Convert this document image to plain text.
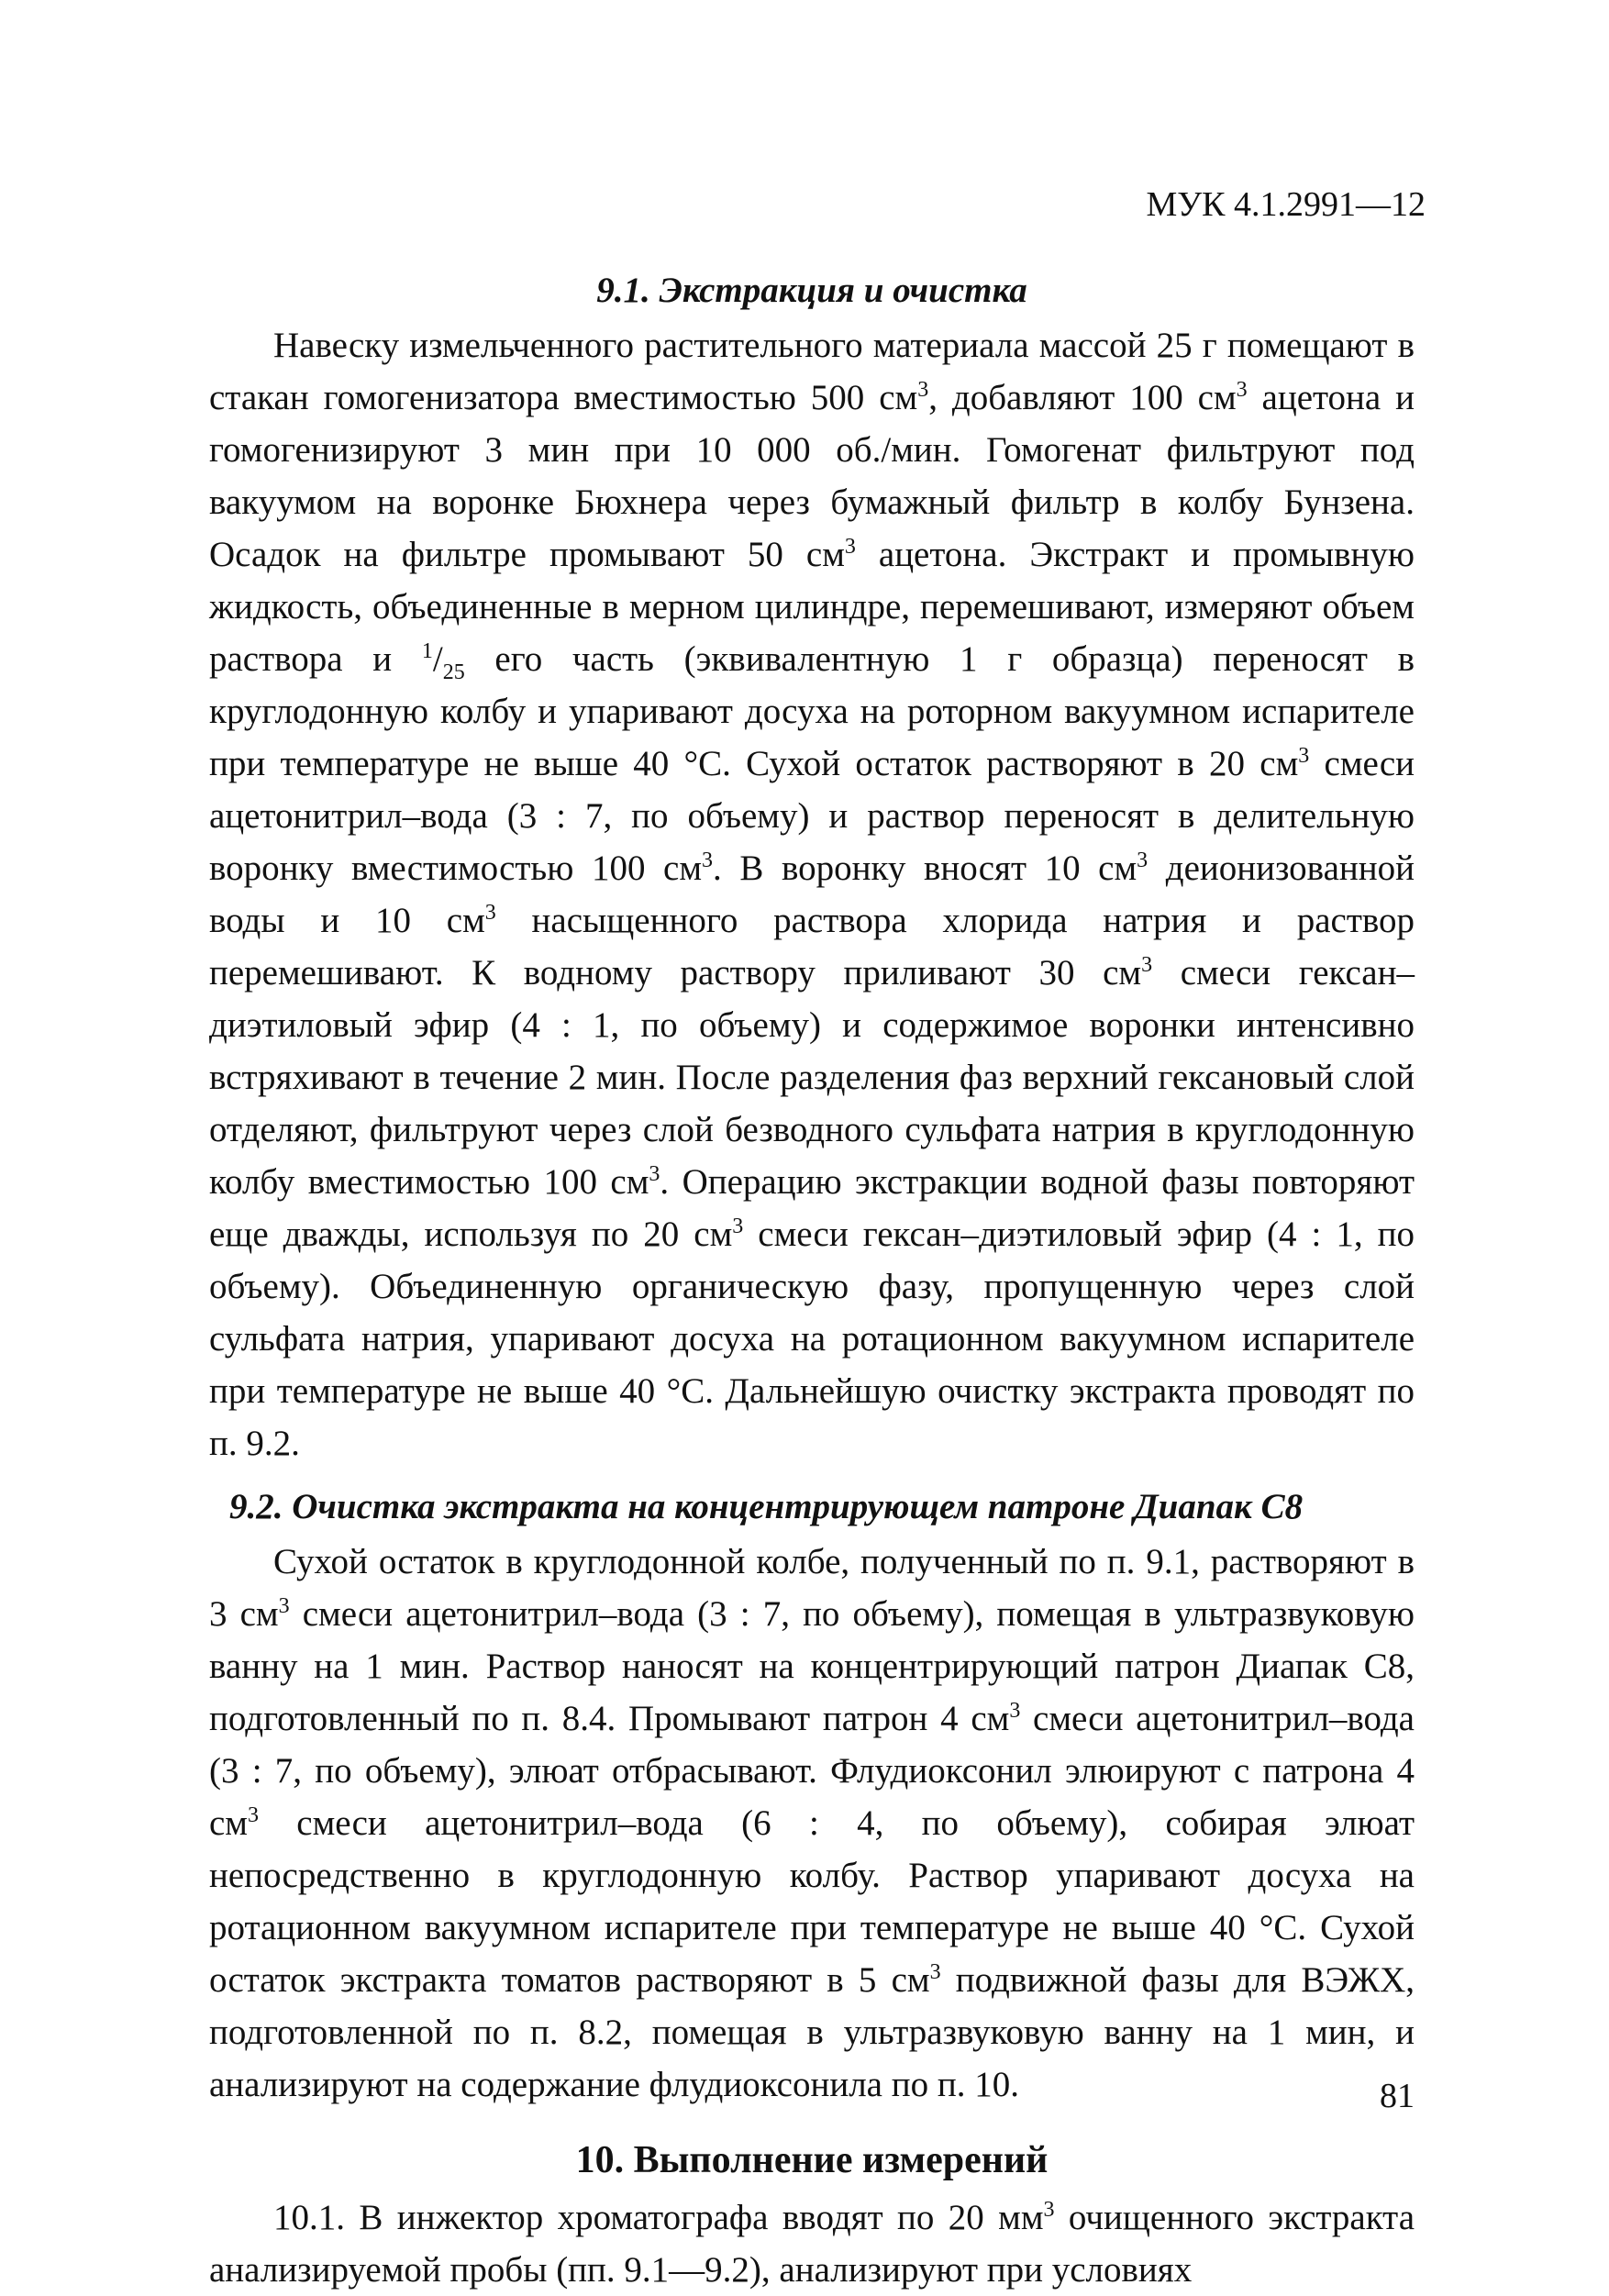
МУК 4.1.2991—12
9.1. Экстракция и очистка

Навеску измельченного растительного материала массой 25 г помещают в стакан гомогенизатора вместимостью 500 $см^3$, добавляют 100 $см^3$ ацетона и гомогенизируют 3 мин при 10 000 об./мин. Гомогенат фильтруют под вакуумом на воронке Бюхнера через бумажный фильтр в колбу Бунзена. Осадок на фильтре промывают 50 $см^3$ ацетона. Экстракт и промывную жидкость, объединенные в мерном цилиндре, перемешивают, измеряют объем раствора и $^1/_{25}$ его часть (эквивалентную 1 г образца) переносят в круглодонную колбу и упаривают досуха на роторном вакуумном испарителе при температуре не выше 40 °С. Сухой остаток растворяют в 20 $см^3$ смеси ацетонитрил–вода (3 : 7, по объему) и раствор переносят в делительную воронку вместимостью 100 $см^3$. В воронку вносят 10 $см^3$ деионизованной воды и 10 $см^3$ насыщенного раствора хлорида натрия и раствор перемешивают. К водному раствору приливают 30 $см^3$ смеси гексан–диэтиловый эфир (4 : 1, по объему) и содержимое воронки интенсивно встряхивают в течение 2 мин. После разделения фаз верхний гексановый слой отделяют, фильтруют через слой безводного сульфата натрия в круглодонную колбу вместимостью 100 $см^3$. Операцию экстракции водной фазы повторяют еще дважды, используя по 20 $см^3$ смеси гексан–диэтиловый эфир (4 : 1, по объему). Объединенную органическую фазу, пропущенную через слой сульфата натрия, упаривают досуха на ротационном вакуумном испарителе при температуре не выше 40 °С. Дальнейшую очистку экстракта проводят по п. 9.2.

9.2. Очистка экстракта на концентрирующем патроне Диапак С8

Сухой остаток в круглодонной колбе, полученный по п. 9.1, растворяют в 3 $см^3$ смеси ацетонитрил–вода (3 : 7, по объему), помещая в ультразвуковую ванну на 1 мин. Раствор наносят на концентрирующий патрон Диапак С8, подготовленный по п. 8.4. Промывают патрон 4 $см^3$ смеси ацетонитрил–вода (3 : 7, по объему), элюат отбрасывают. Флудиоксонил элюируют с патрона 4 $см^3$ смеси ацетонитрил–вода (6 : 4, по объему), собирая элюат непосредственно в круглодонную колбу. Раствор упаривают досуха на ротационном вакуумном испарителе при температуре не выше 40 °С. Сухой остаток экстракта томатов растворяют в 5 $см^3$ подвижной фазы для ВЭЖХ, подготовленной по п. 8.2, помещая в ультразвуковую ванну на 1 мин, и анализируют на содержание флудиоксонила по п. 10.

10. Выполнение измерений

10.1. В инжектор хроматографа вводят по 20 $мм^3$ очищенного экстракта анализируемой пробы (пп. 9.1—9.2), анализируют при условиях

81
